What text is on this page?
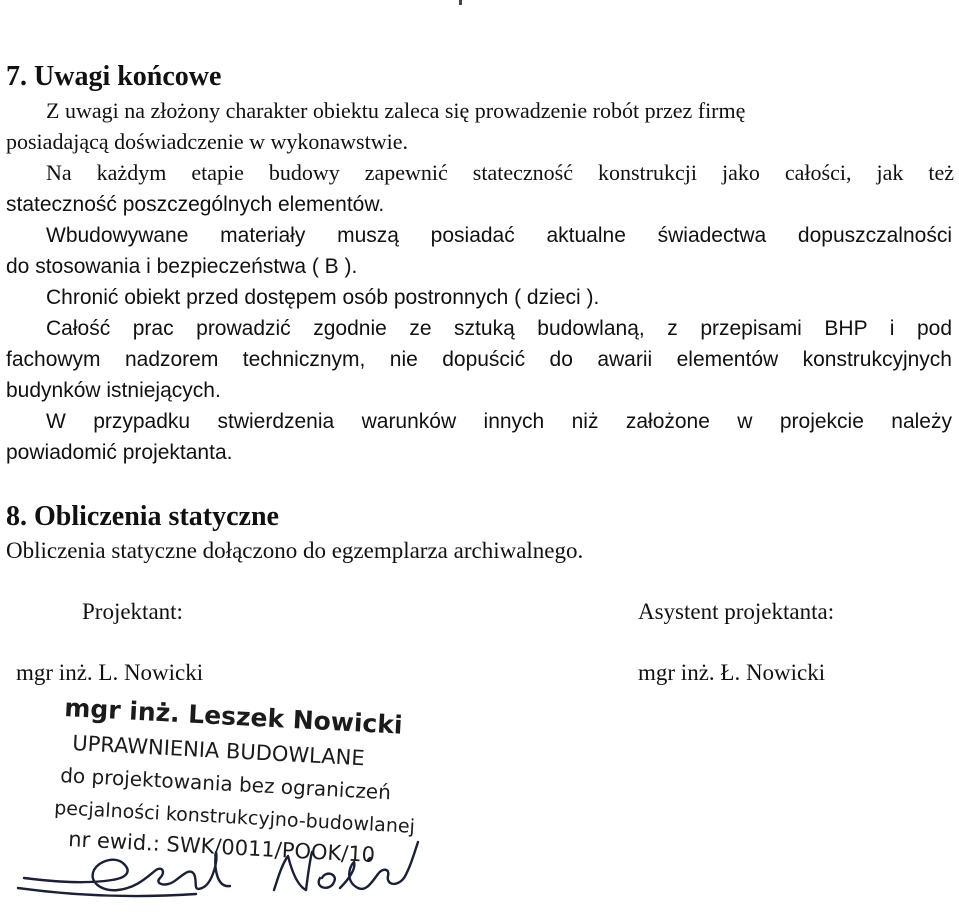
7. Uwagi końcowe
Z uwagi na złożony charakter obiektu zaleca się prowadzenie robót przez firmę
posiadającą doświadczenie w wykonawstwie.
Na każdym etapie budowy zapewnić stateczność konstrukcji jako całości, jak też
stateczność poszczególnych elementów.
Wbudowywane materiały muszą posiadać aktualne świadectwa dopuszczalności
do stosowania i bezpieczeństwa ( B ).
Chronić obiekt przed dostępem osób postronnych ( dzieci ).
Całość prac prowadzić zgodnie ze sztuką budowlaną, z przepisami BHP i pod
fachowym nadzorem technicznym, nie dopuścić do awarii elementów konstrukcyjnych
budynków istniejących.
W przypadku stwierdzenia warunków innych niż założone w projekcie należy
powiadomić projektanta.
8. Obliczenia statyczne
Obliczenia statyczne dołączono do egzemplarza archiwalnego.
Projektant:	Asystent projektanta:
mgr inż. L. Nowicki	mgr inż. Ł. Nowicki
mgr inż. Leszek Nowicki
UPRAWNIENIA BUDOWLANE
do projektowania bez ograniczeń
pecjalności konstrukcyjno-budowlanej
nr ewid.: SWK/0011/POOK/10
